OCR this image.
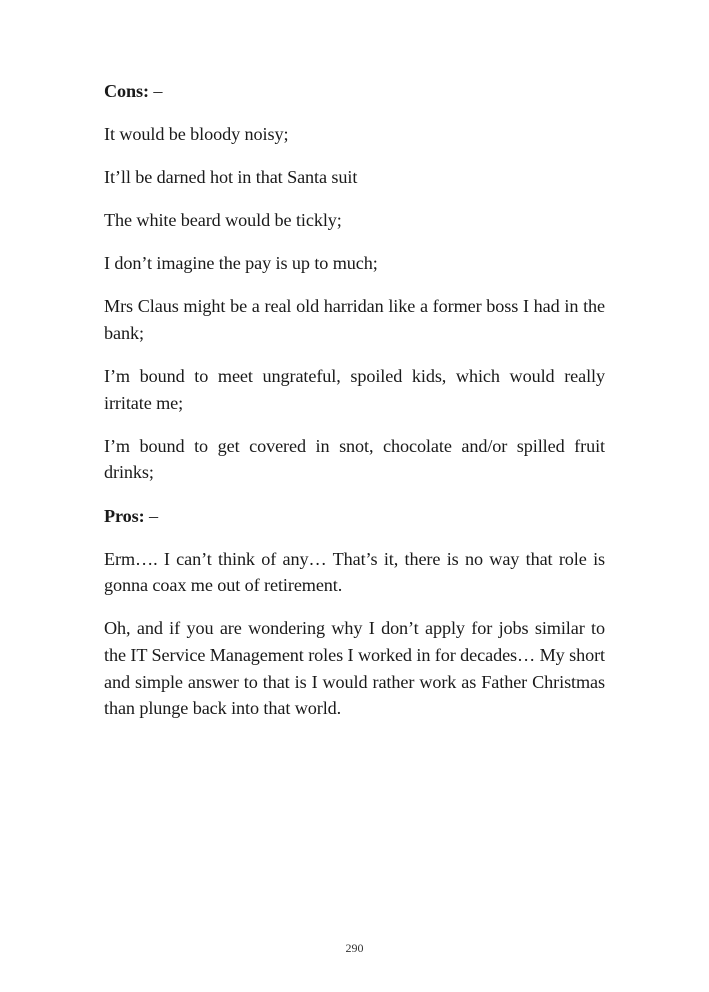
Cons: –

It would be bloody noisy;

It’ll be darned hot in that Santa suit

The white beard would be tickly;

I don’t imagine the pay is up to much;

Mrs Claus might be a real old harridan like a former boss I had in the bank;

I’m bound to meet ungrateful, spoiled kids, which would really irritate me;

I’m bound to get covered in snot, chocolate and/or spilled fruit drinks;

Pros: –

Erm…. I can’t think of any… That’s it, there is no way that role is gonna coax me out of retirement.

Oh, and if you are wondering why I don’t apply for jobs similar to the IT Service Management roles I worked in for decades… My short and simple answer to that is I would rather work as Father Christmas than plunge back into that world.

290
